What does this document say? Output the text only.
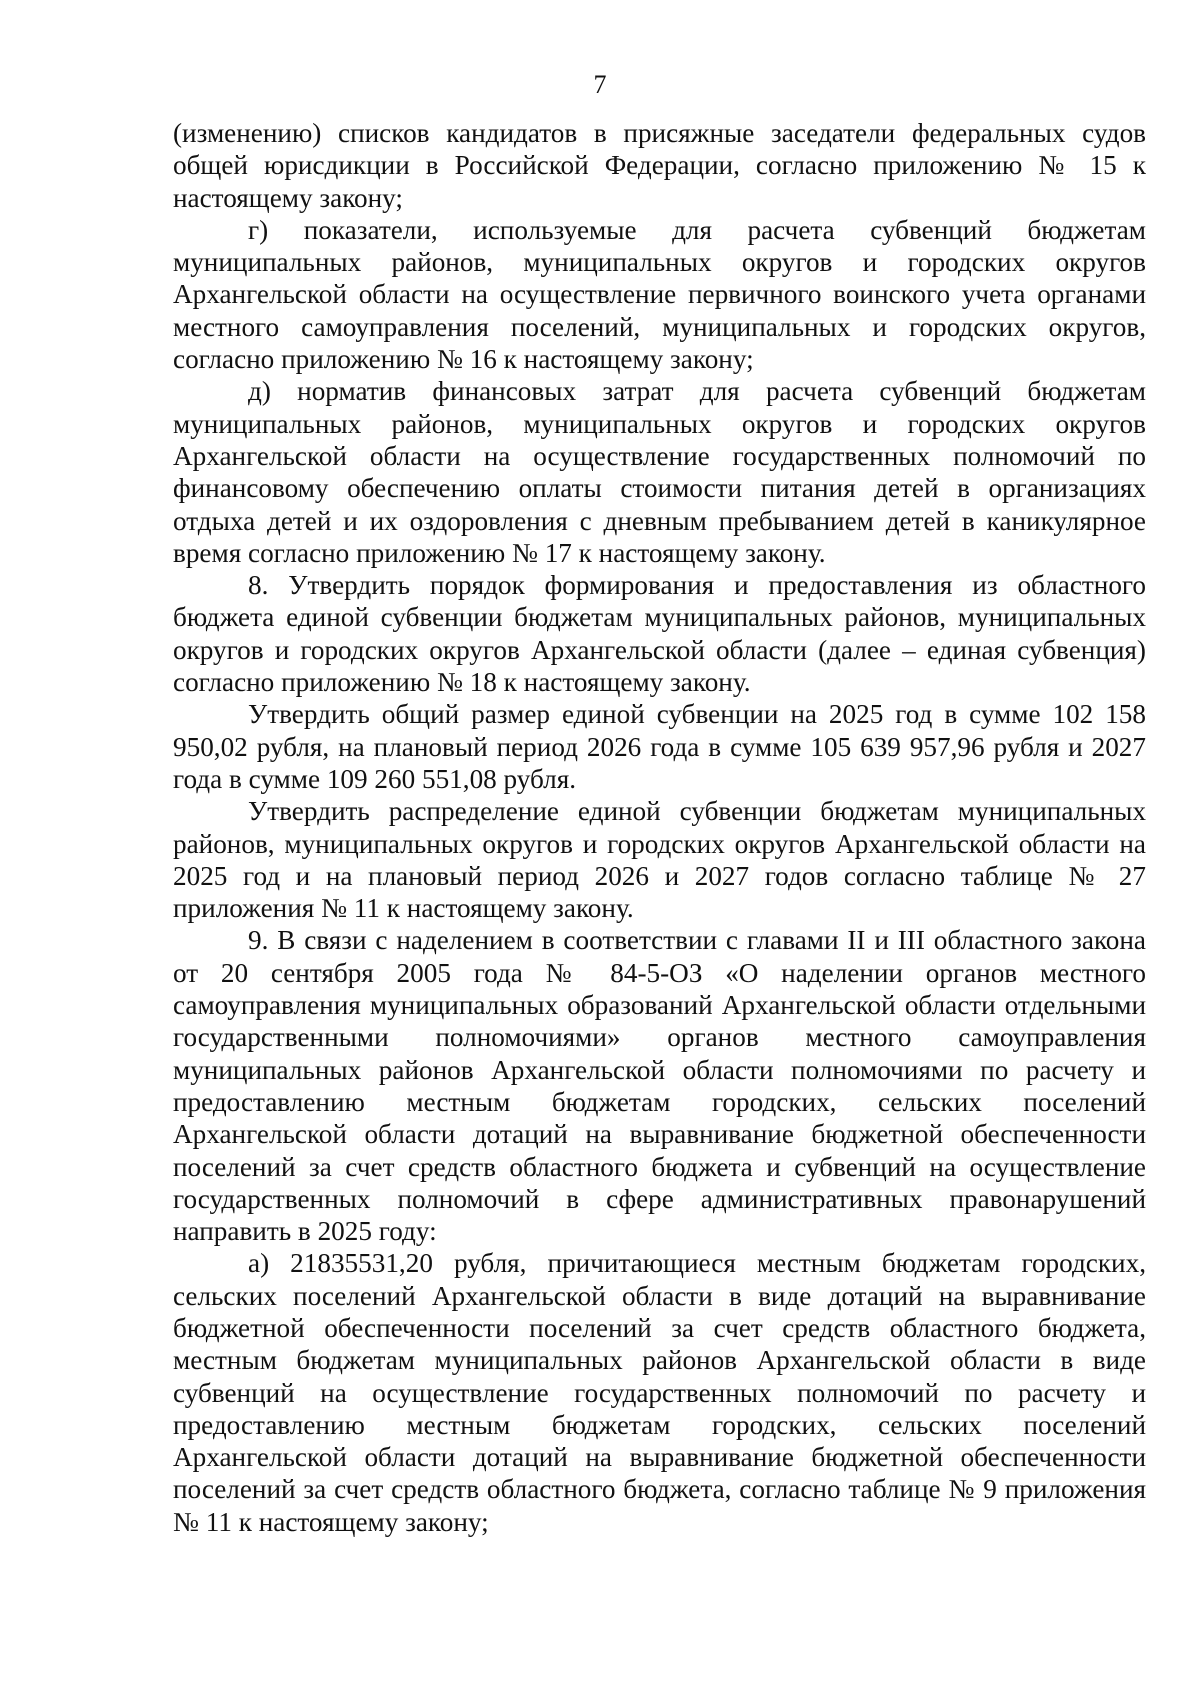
7

(изменению) списков кандидатов в присяжные заседатели федеральных судов общей юрисдикции в Российской Федерации, согласно приложению № 15 к настоящему закону;

г) показатели, используемые для расчета субвенций бюджетам муниципальных районов, муниципальных округов и городских округов Архангельской области на осуществление первичного воинского учета органами местного самоуправления поселений, муниципальных и городских округов, согласно приложению № 16 к настоящему закону;

д) норматив финансовых затрат для расчета субвенций бюджетам муниципальных районов, муниципальных округов и городских округов Архангельской области на осуществление государственных полномочий по финансовому обеспечению оплаты стоимости питания детей в организациях отдыха детей и их оздоровления с дневным пребыванием детей в каникулярное время согласно приложению № 17 к настоящему закону.

8. Утвердить порядок формирования и предоставления из областного бюджета единой субвенции бюджетам муниципальных районов, муниципальных округов и городских округов Архангельской области (далее – единая субвенция) согласно приложению № 18 к настоящему закону.

Утвердить общий размер единой субвенции на 2025 год в сумме 102 158 950,02 рубля, на плановый период 2026 года в сумме 105 639 957,96 рубля и 2027 года в сумме 109 260 551,08 рубля.

Утвердить распределение единой субвенции бюджетам муниципальных районов, муниципальных округов и городских округов Архангельской области на 2025 год и на плановый период 2026 и 2027 годов согласно таблице № 27 приложения № 11 к настоящему закону.

9. В связи с наделением в соответствии с главами II и III областного закона от 20 сентября 2005 года № 84-5-ОЗ «О наделении органов местного самоуправления муниципальных образований Архангельской области отдельными государственными полномочиями» органов местного самоуправления муниципальных районов Архангельской области полномочиями по расчету и предоставлению местным бюджетам городских, сельских поселений Архангельской области дотаций на выравнивание бюджетной обеспеченности поселений за счет средств областного бюджета и субвенций на осуществление государственных полномочий в сфере административных правонарушений направить в 2025 году:

а) 21835531,20 рубля, причитающиеся местным бюджетам городских, сельских поселений Архангельской области в виде дотаций на выравнивание бюджетной обеспеченности поселений за счет средств областного бюджета, местным бюджетам муниципальных районов Архангельской области в виде субвенций на осуществление государственных полномочий по расчету и предоставлению местным бюджетам городских, сельских поселений Архангельской области дотаций на выравнивание бюджетной обеспеченности поселений за счет средств областного бюджета, согласно таблице № 9 приложения № 11 к настоящему закону;
